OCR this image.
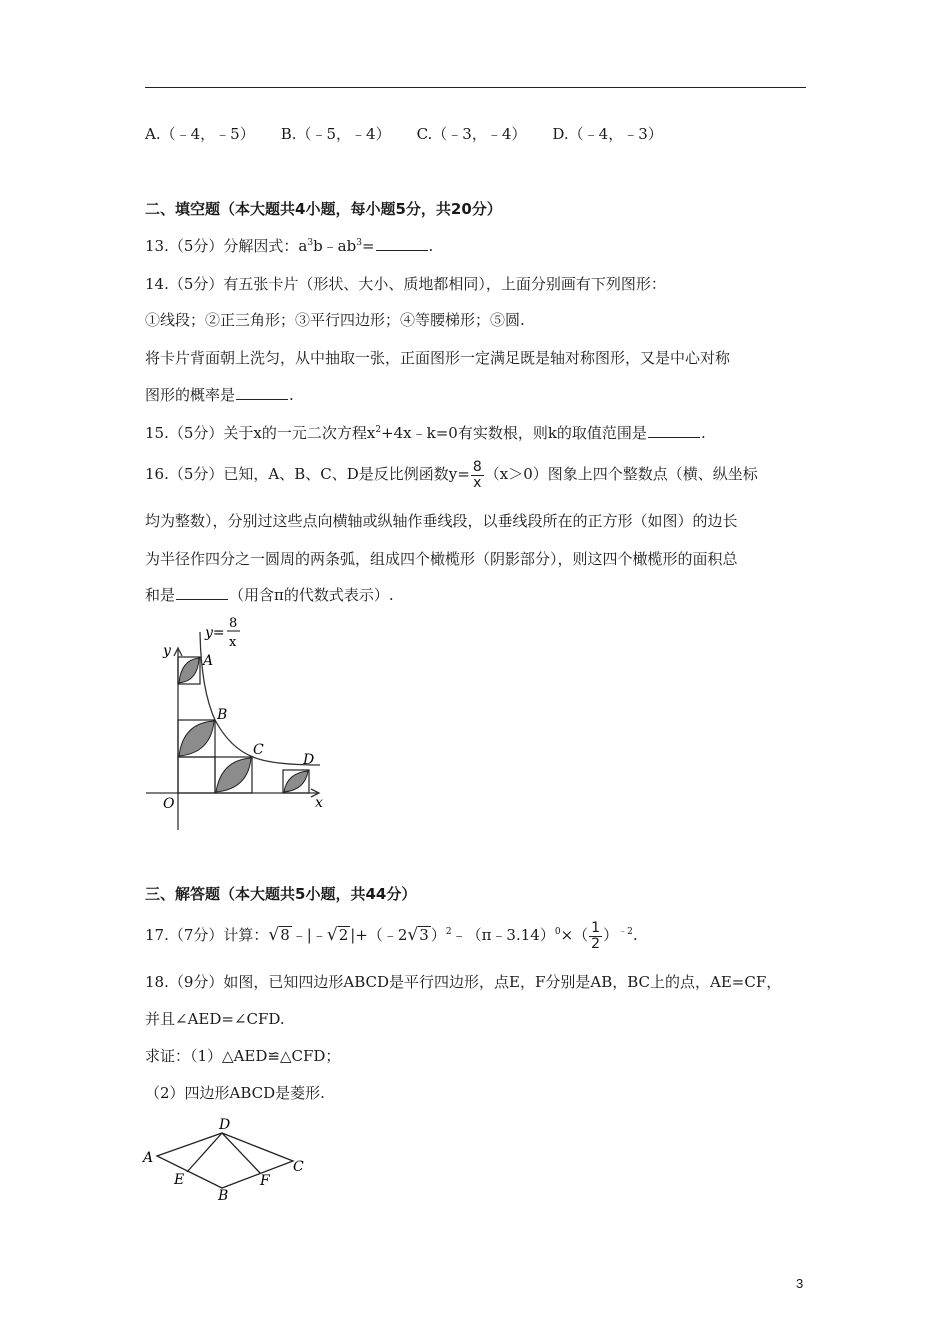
A.（﹣4，﹣5） B.（﹣5，﹣4） C.（﹣3，﹣4） D.（﹣4，﹣3）
二、填空题（本大题共4小题，每小题5分，共20分）
13.（5分）分解因式：$a^3b﹣ab^3=$	.
14.（5分）有五张卡片（形状、大小、质地都相同），上面分别画有下列图形：
①线段；②正三角形；③平行四边形；④等腰梯形；⑤圆.
将卡片背面朝上洗匀，从中抽取一张，正面图形一定满足既是轴对称图形，又是中心对称
图形的概率是	.
15.（5分）关于x的一元二次方程$x^2+4x﹣k=0$有实数根，则k的取值范围是	.
16.（5分）已知，A、B、C、D是反比例函数$y= \frac{8}{x} (x>0)$图象上四个整数点（横、纵坐标
均为整数），分别过这些点向横轴或纵轴作垂线段，以垂线段所在的正方形（如图）的边长
为半径作四分之一圆周的两条弧，组成四个橄榄形（阴影部分），则这四个橄榄形的面积总
和是	（用含π的代数式表示）.
y=
8
x
y
x
O
A
B
C
D
三、解答题（本大题共5小题，共44分）
17.（7分）计算：√8 ﹣|﹣√2 |+（﹣2√3 ）$^2$﹣（π﹣3.14）$^0$×（ $\frac{1}{2} )^{﹣2}$.
18.（9分）如图，已知四边形ABCD是平行四边形，点E，F分别是AB，BC上的点，AE=CF，
并且∠AED=∠CFD.
求证：（1）△AED≌△CFD；
（2）四边形ABCD是菱形.
A
B
C
D
E	F
3
